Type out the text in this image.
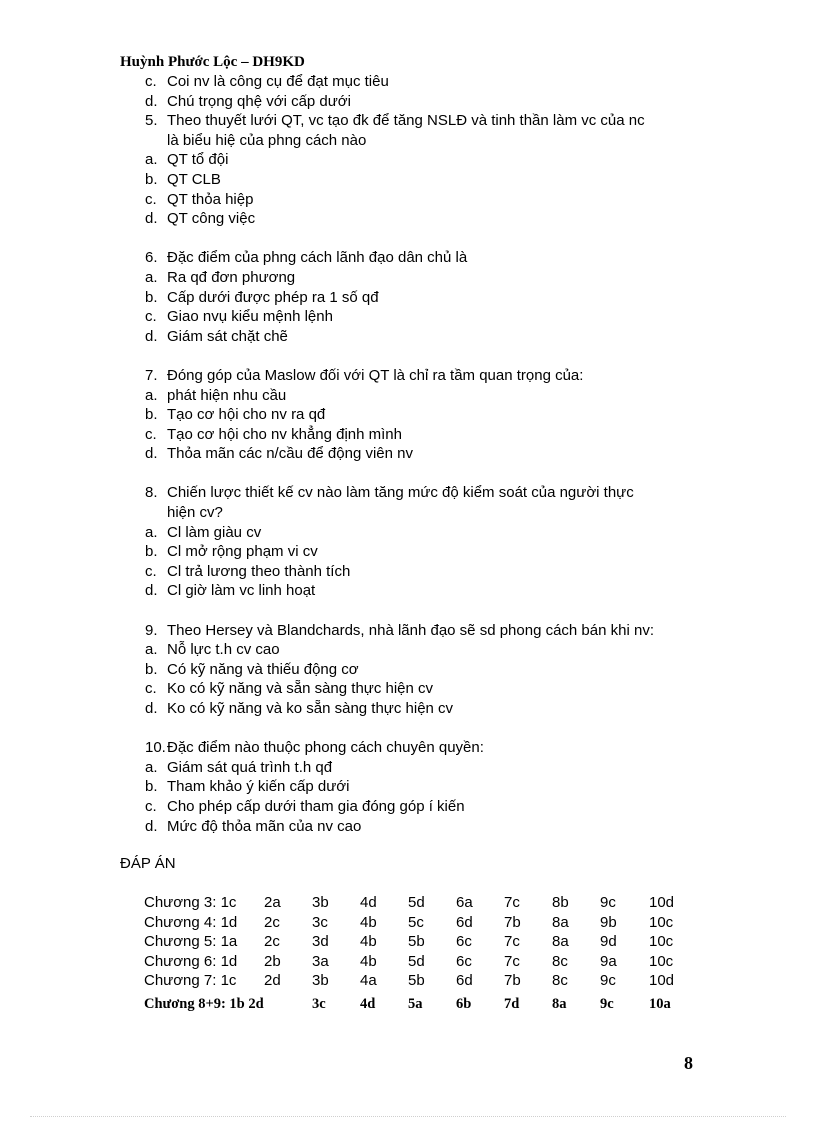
Huỳnh Phước Lộc – DH9KD
c. Coi nv là công cụ để đạt mục tiêu
d. Chú trọng qhệ với cấp dưới
5. Theo thuyết lưới QT, vc tạo đk để tăng NSLĐ và tinh thần làm vc của nc
là biểu hiệ của phng cách nào
a. QT tổ đội
b. QT CLB
c. QT thỏa hiệp
d. QT công việc
6. Đặc điểm của phng cách lãnh đạo dân chủ là
a. Ra qđ đơn phương
b. Cấp dưới được phép ra 1 số qđ
c. Giao nvụ kiểu mệnh lệnh
d. Giám sát chặt chẽ
7. Đóng góp của Maslow đối với QT là chỉ ra tầm quan trọng của:
a. phát hiện nhu cầu
b. Tạo cơ hội cho nv ra qđ
c. Tạo cơ hội cho nv khẳng định mình
d. Thỏa mãn các n/cầu để động viên nv
8. Chiến lược thiết kế cv nào làm tăng mức độ kiểm soát của người thực
hiện cv?
a. Cl làm giàu cv
b. Cl mở rộng phạm vi cv
c. Cl trả lương theo thành tích
d. Cl giờ làm vc linh hoạt
9. Theo Hersey và Blandchards, nhà lãnh đạo sẽ sd phong cách bán khi nv:
a. Nỗ lực t.h cv cao
b. Có kỹ năng và thiếu động cơ
c. Ko có kỹ năng và sẵn sàng thực hiện cv
d. Ko có kỹ năng và ko sẵn sàng thực hiện cv
10. Đặc điểm nào thuộc phong cách chuyên quyền:
a. Giám sát quá trình t.h qđ
b. Tham khảo ý kiến cấp dưới
c. Cho phép cấp dưới tham gia đóng góp í kiến
d. Mức độ thỏa mãn của nv cao
ĐÁP ÁN
Chương 3: 1c 2a 3b 4d 5d 6a 7c 8b 9c 10d
Chương 4: 1d 2c 3c 4b 5c 6d 7b 8a 9b 10c
Chương 5: 1a 2c 3d 4b 5b 6c 7c 8a 9d 10c
Chương 6: 1d 2b 3a 4b 5d 6c 7c 8c 9a 10c
Chương 7: 1c 2d 3b 4a 5b 6d 7b 8c 9c 10d
Chương 8+9: 1b 2d	3c 4d 5a 6b 7d 8a 9c 10a
8
